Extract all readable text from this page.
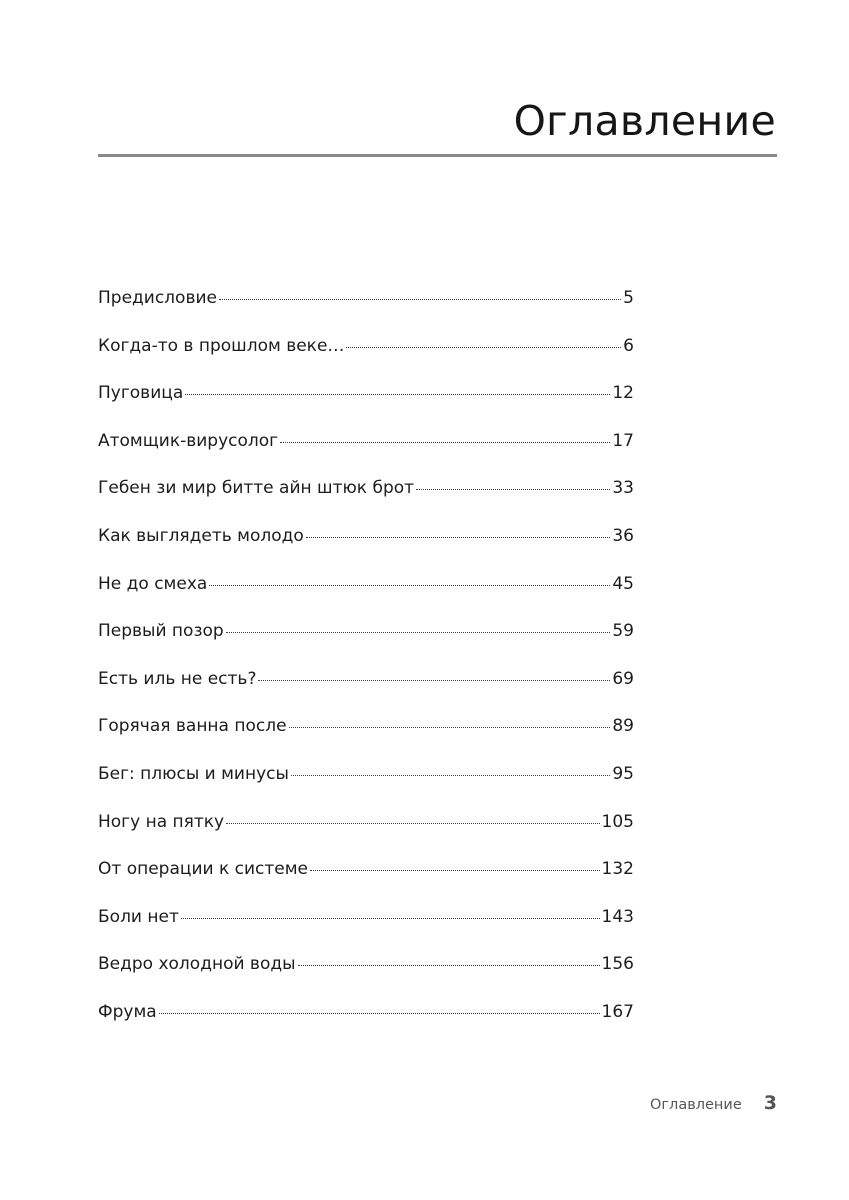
Оглавление
Предисловие	5
Когда-то в прошлом веке…	6
Пуговица	12
Атомщик-вирусолог	17
Гебен зи мир битте айн штюк брот	33
Как выглядеть молодо	36
Не до смеха	45
Первый позор	59
Есть иль не есть?	69
Горячая ванна после	89
Бег: плюсы и минусы	95
Ногу на пятку	105
От операции к системе	132
Боли нет	143
Ведро холодной воды	156
Фрума	167
Оглавление 3
